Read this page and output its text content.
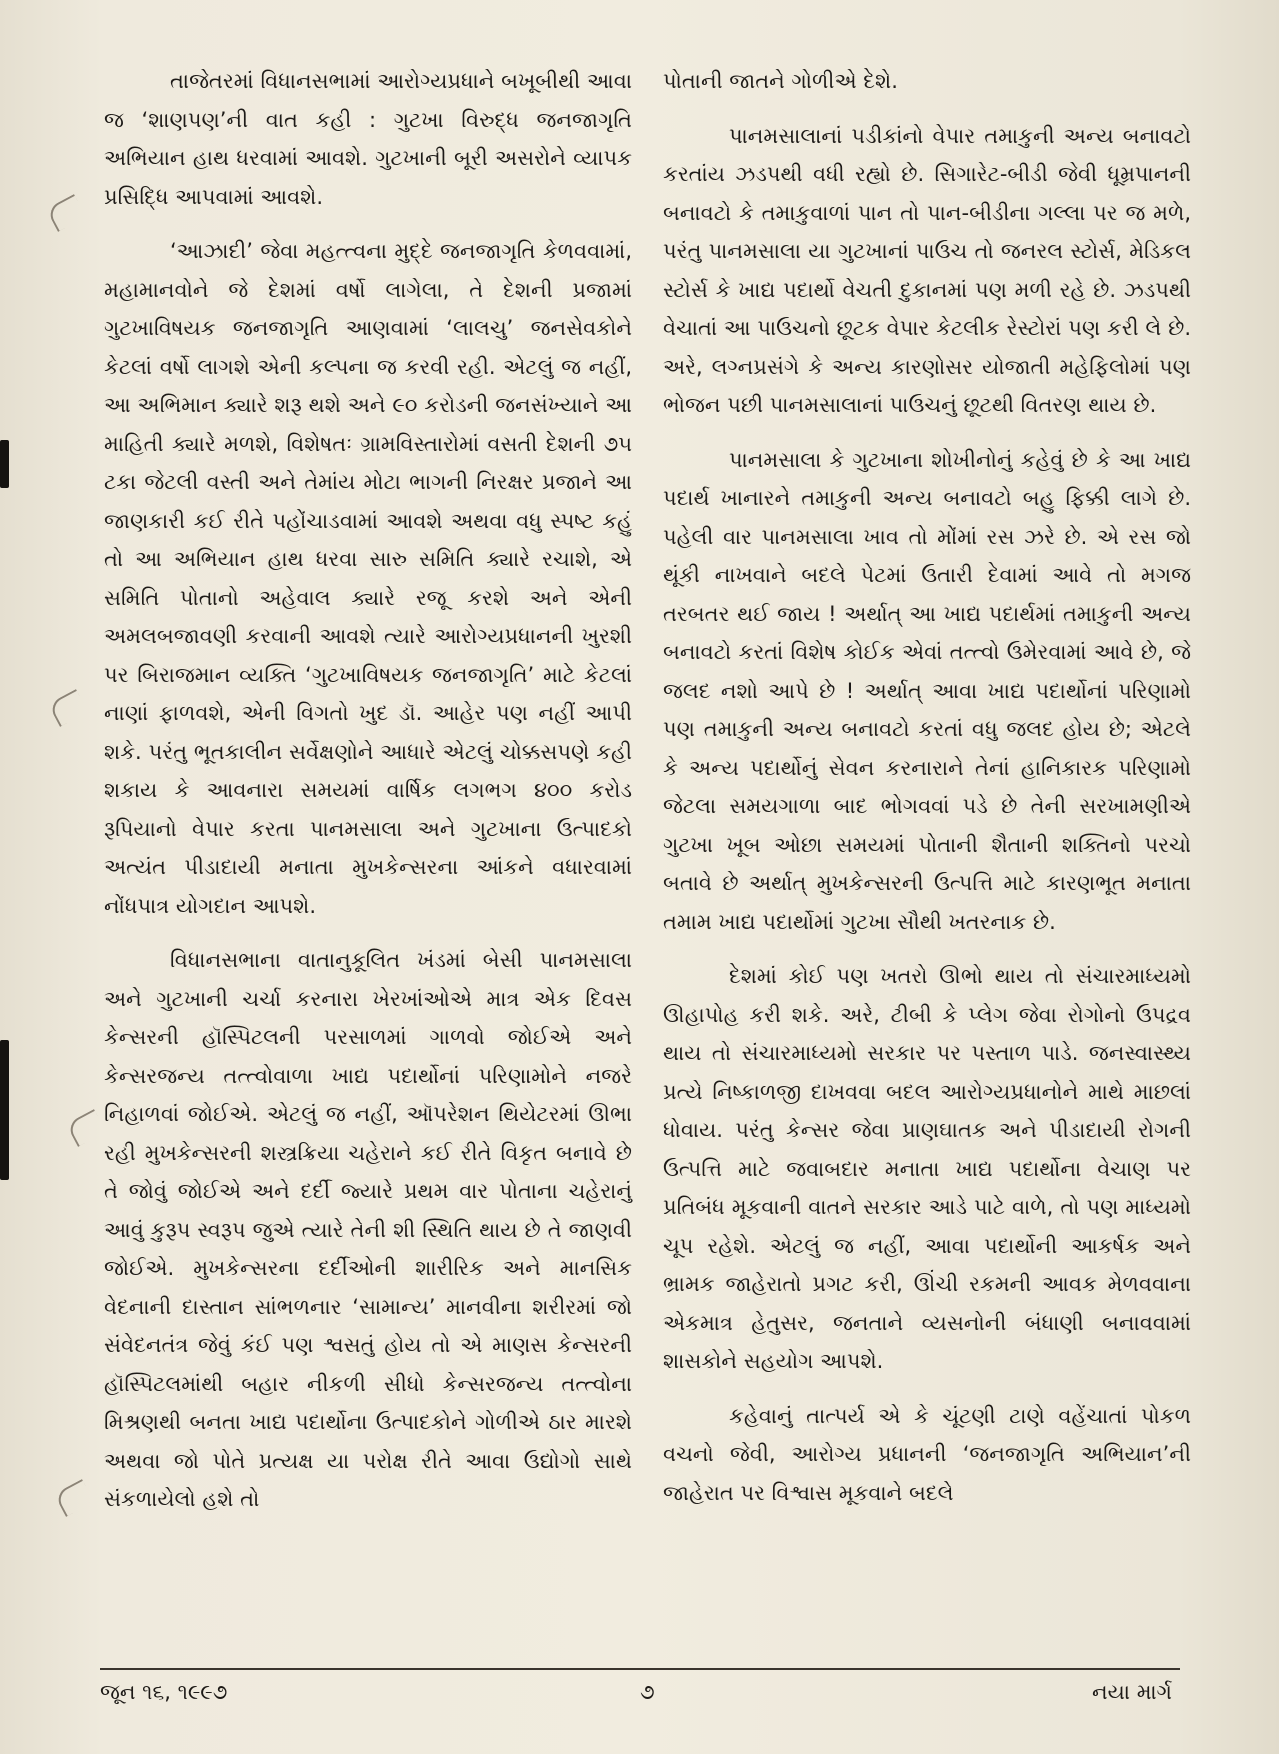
તાજેતરમાં વિધાનસભામાં આરોગ્યપ્રધાને બખૂબીથી આવા જ ‘શાણપણ’ની વાત કહી : ગુટખા વિરુદ્ધ જનજાગૃતિ અભિયાન હાથ ધરવામાં આવશે. ગુટખાની બૂરી અસરોને વ્યાપક પ્રસિદ્ધિ આપવામાં આવશે.

‘આઝાદી’ જેવા મહત્ત્વના મુદ્દે જનજાગૃતિ કેળવવામાં, મહામાનવોને જે દેશમાં વર્ષો લાગેલા, તે દેશની પ્રજામાં ગુટખાવિષયક જનજાગૃતિ આણવામાં ‘લાલચુ’ જનસેવકોને કેટલાં વર્ષો લાગશે એની કલ્પના જ કરવી રહી. એટલું જ નહીં, આ અભિમાન ક્યારે શરૂ થશે અને ૯૦ કરોડની જનસંખ્યાને આ માહિતી ક્યારે મળશે, વિશેષતઃ ગ્રામવિસ્તારોમાં વસતી દેશની ૭૫ ટકા જેટલી વસ્તી અને તેમાંય મોટા ભાગની નિરક્ષર પ્રજાને આ જાણકારી કઈ રીતે પહોંચાડવામાં આવશે અથવા વધુ સ્પષ્ટ કહું તો આ અભિયાન હાથ ધરવા સારુ સમિતિ ક્યારે રચાશે, એ સમિતિ પોતાનો અહેવાલ ક્યારે રજૂ કરશે અને એની અમલબજાવણી કરવાની આવશે ત્યારે આરોગ્યપ્રધાનની ખુરશી પર બિરાજમાન વ્યક્તિ ‘ગુટખાવિષયક જનજાગૃતિ’ માટે કેટલાં નાણાં ફાળવશે, એની વિગતો ખુદ ડૉ. આહેર પણ નહીં આપી શકે. પરંતુ ભૂતકાલીન સર્વેક્ષણોને આધારે એટલું ચોક્કસપણે કહી શકાય કે આવનારા સમયમાં વાર્ષિક લગભગ ૪૦૦ કરોડ રૂપિયાનો વેપાર કરતા પાનમસાલા અને ગુટખાના ઉત્પાદકો અત્યંત પીડાદાયી મનાતા મુખકેન્સરના આંકને વધારવામાં નોંધપાત્ર યોગદાન આપશે.

વિધાનસભાના વાતાનુકૂલિત ખંડમાં બેસી પાનમસાલા અને ગુટખાની ચર્ચા કરનારા ખેરખાંઓએ માત્ર એક દિવસ કેન્સરની હૉસ્પિટલની પરસાળમાં ગાળવો જોઈએ અને કેન્સરજન્ય તત્ત્વોવાળા ખાદ્ય પદાર્થોનાં પરિણામોને નજરે નિહાળવાં જોઈએ. એટલું જ નહીં, ઑપરેશન થિયેટરમાં ઊભા રહી મુખકેન્સરની શસ્ત્રક્રિયા ચહેરાને કઈ રીતે વિકૃત બનાવે છે તે જોવું જોઈએ અને દર્દી જ્યારે પ્રથમ વાર પોતાના ચહેરાનું આવું કુરૂપ સ્વરૂપ જુએ ત્યારે તેની શી સ્થિતિ થાય છે તે જાણવી જોઈએ. મુખકેન્સરના દર્દીઓની શારીરિક અને માનસિક વેદનાની દાસ્તાન સાંભળનાર ‘સામાન્ય’ માનવીના શરીરમાં જો સંવેદનતંત્ર જેવું કંઈ પણ શ્વસતું હોય તો એ માણસ કેન્સરની હૉસ્પિટલમાંથી બહાર નીકળી સીધો કેન્સરજન્ય તત્ત્વોના મિશ્રણથી બનતા ખાદ્ય પદાર્થોના ઉત્પાદકોને ગોળીએ ઠાર મારશે અથવા જો પોતે પ્રત્યક્ષ યા પરોક્ષ રીતે આવા ઉદ્યોગો સાથે સંકળાયેલો હશે તો

પોતાની જાતને ગોળીએ દેશે.

પાનમસાલાનાં પડીકાંનો વેપાર તમાકુની અન્ય બનાવટો કરતાંય ઝડપથી વધી રહ્યો છે. સિગારેટ-બીડી જેવી ધૂમ્રપાનની બનાવટો કે તમાકુવાળાં પાન તો પાન-બીડીના ગલ્લા પર જ મળે, પરંતુ પાનમસાલા યા ગુટખાનાં પાઉચ તો જનરલ સ્ટોર્સ, મેડિકલ સ્ટોર્સ કે ખાદ્ય પદાર્થો વેચતી દુકાનમાં પણ મળી રહે છે. ઝડપથી વેચાતાં આ પાઉચનો છૂટક વેપાર કેટલીક રેસ્ટોરાં પણ કરી લે છે. અરે, લગ્નપ્રસંગે કે અન્ય કારણોસર યોજાતી મહેફિલોમાં પણ ભોજન પછી પાનમસાલાનાં પાઉચનું છૂટથી વિતરણ થાય છે.

પાનમસાલા કે ગુટખાના શોખીનોનું કહેવું છે કે આ ખાદ્ય પદાર્થ ખાનારને તમાકુની અન્ય બનાવટો બહુ ફિક્કી લાગે છે. પહેલી વાર પાનમસાલા ખાવ તો મોંમાં રસ ઝરે છે. એ રસ જો થૂંકી નાખવાને બદલે પેટમાં ઉતારી દેવામાં આવે તો મગજ તરબતર થઈ જાય ! અર્થાત્ આ ખાદ્ય પદાર્થમાં તમાકુની અન્ય બનાવટો કરતાં વિશેષ કોઈક એવાં તત્ત્વો ઉમેરવામાં આવે છે, જે જલદ નશો આપે છે ! અર્થાત્ આવા ખાદ્ય પદાર્થોનાં પરિણામો પણ તમાકુની અન્ય બનાવટો કરતાં વધુ જલદ હોય છે; એટલે કે અન્ય પદાર્થોનું સેવન કરનારાને તેનાં હાનિકારક પરિણામો જેટલા સમયગાળા બાદ ભોગવવાં પડે છે તેની સરખામણીએ ગુટખા ખૂબ ઓછા સમયમાં પોતાની શૈતાની શક્તિનો પરચો બતાવે છે અર્થાત્ મુખકેન્સરની ઉત્પત્તિ માટે કારણભૂત મનાતા તમામ ખાદ્ય પદાર્થોમાં ગુટખા સૌથી ખતરનાક છે.

દેશમાં કોઈ પણ ખતરો ઊભો થાય તો સંચારમાધ્યમો ઊહાપોહ કરી શકે. અરે, ટીબી કે પ્લેગ જેવા રોગોનો ઉપદ્રવ થાય તો સંચારમાધ્યમો સરકાર પર પસ્તાળ પાડે. જનસ્વાસ્થ્ય પ્રત્યે નિષ્કાળજી દાખવવા બદલ આરોગ્યપ્રધાનોને માથે માછલાં ધોવાય. પરંતુ કેન્સર જેવા પ્રાણઘાતક અને પીડાદાયી રોગની ઉત્પત્તિ માટે જવાબદાર મનાતા ખાદ્ય પદાર્થોના વેચાણ પર પ્રતિબંધ મૂકવાની વાતને સરકાર આડે પાટે વાળે, તો પણ માધ્યમો ચૂપ રહેશે. એટલું જ નહીં, આવા પદાર્થોની આકર્ષક અને ભ્રામક જાહેરાતો પ્રગટ કરી, ઊંચી રકમની આવક મેળવવાના એકમાત્ર હેતુસર, જનતાને વ્યસનોની બંધાણી બનાવવામાં શાસકોને સહયોગ આપશે.

કહેવાનું તાત્પર્ય એ કે ચૂંટણી ટાણે વહેંચાતાં પોકળ વચનો જેવી, આરોગ્ય પ્રધાનની ‘જનજાગૃતિ અભિયાન’ની જાહેરાત પર વિશ્વાસ મૂકવાને બદલે

જૂન ૧૬, ૧૯૯૭	૭	નયા માર્ગ
